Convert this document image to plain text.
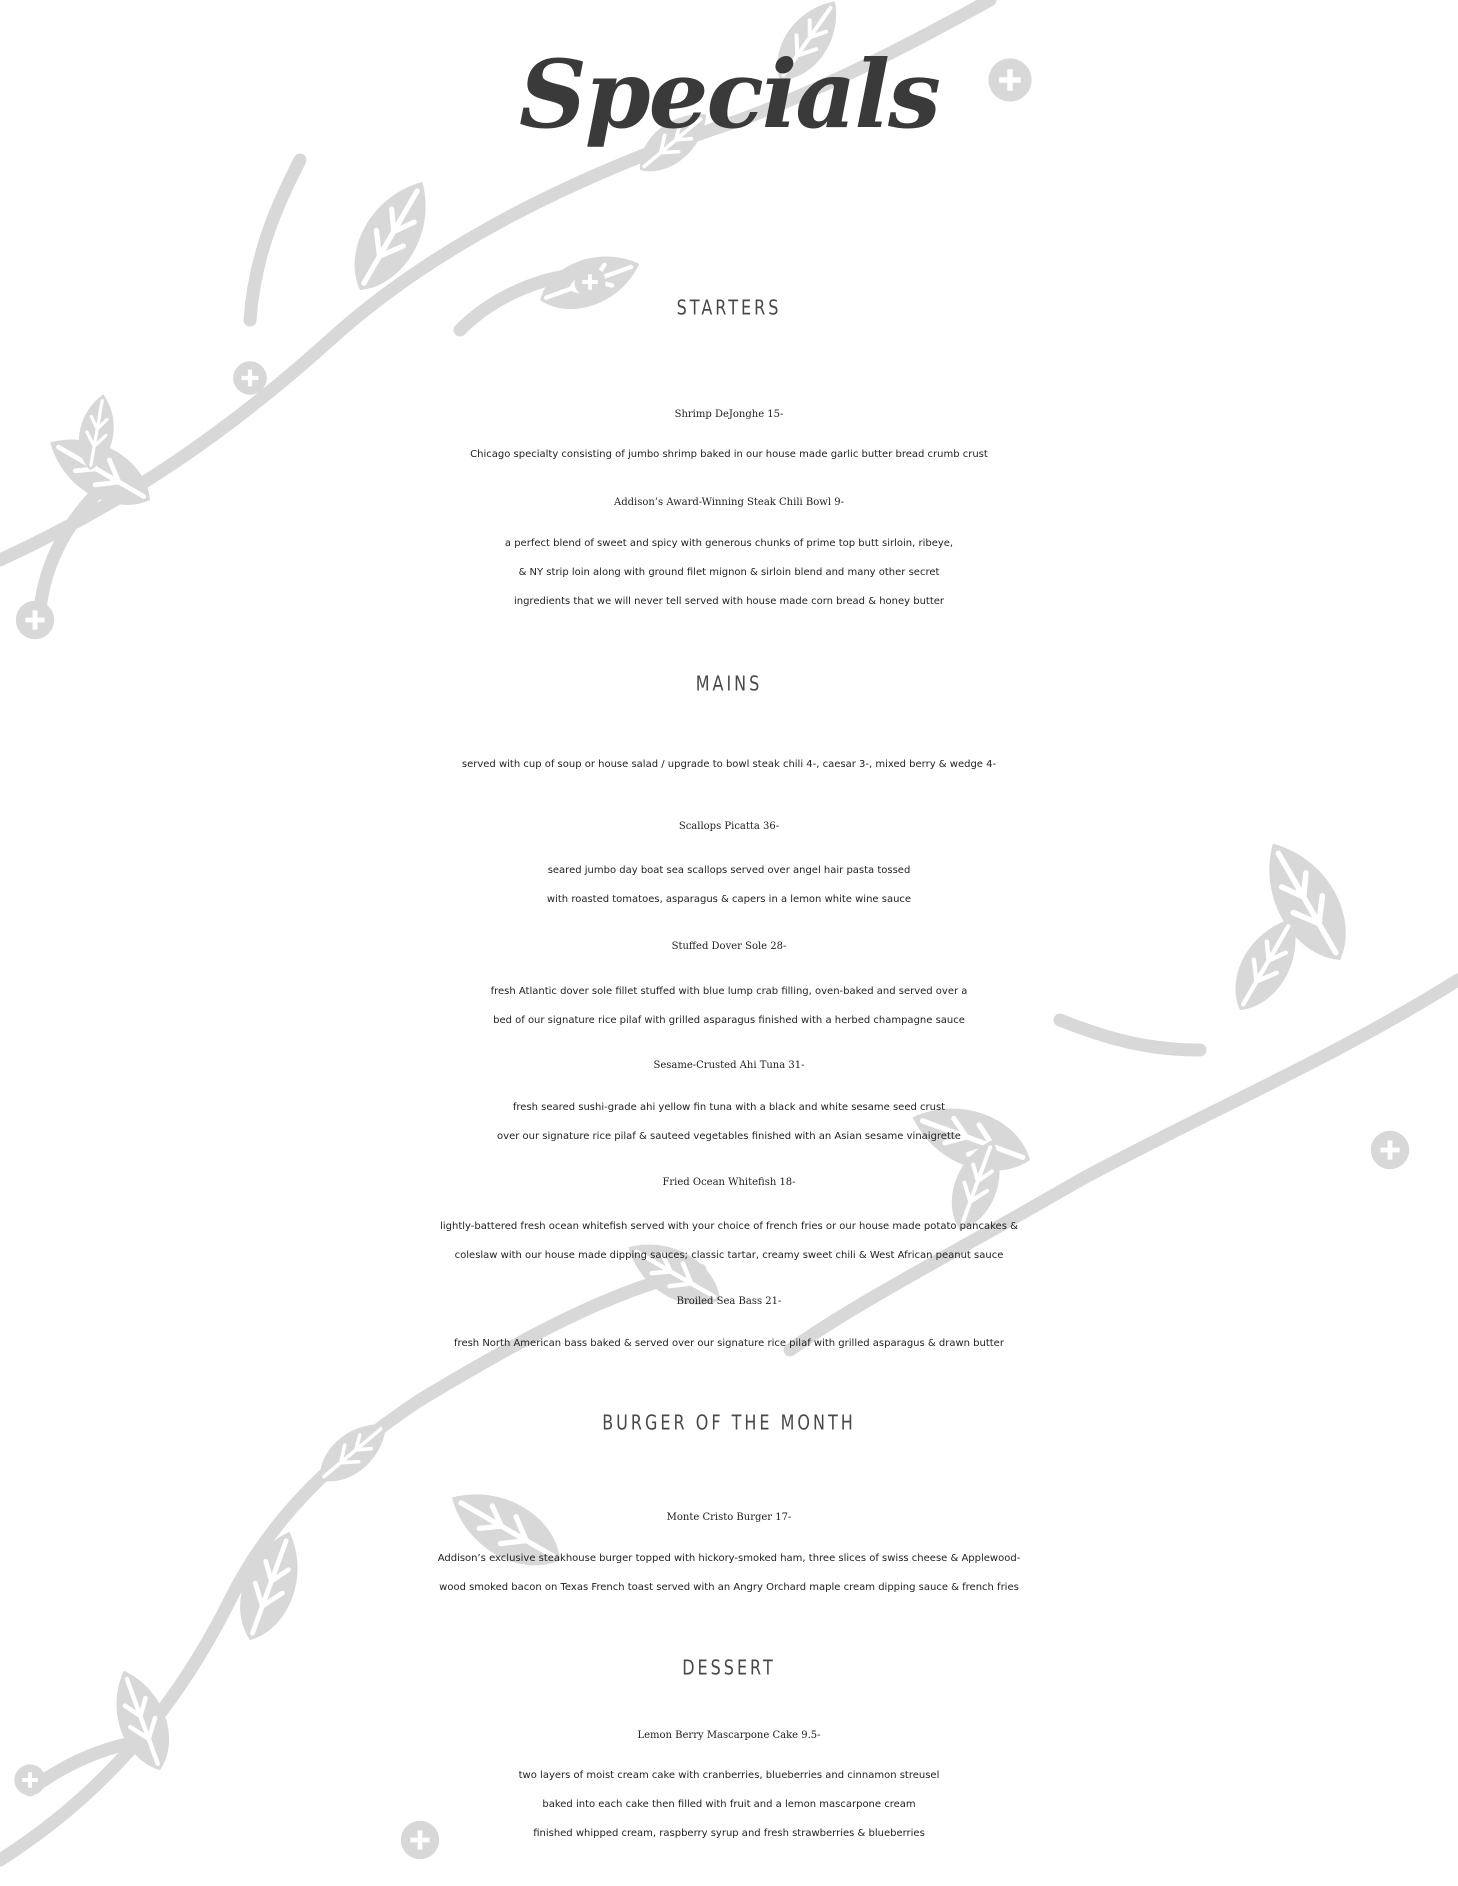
Specials
STARTERS
Shrimp DeJonghe 15-

Chicago specialty consisting of jumbo shrimp baked in our house made garlic butter bread crumb crust

Addison’s Award-Winning Steak Chili Bowl 9-

a perfect blend of sweet and spicy with generous chunks of prime top butt sirloin, ribeye,

& NY strip loin along with ground filet mignon & sirloin blend and many other secret

ingredients that we will never tell served with house made corn bread & honey butter

MAINS

served with cup of soup or house salad / upgrade to bowl steak chili 4-, caesar 3-, mixed berry & wedge 4-

Scallops Picatta 36-

seared jumbo day boat sea scallops served over angel hair pasta tossed

with roasted tomatoes, asparagus & capers in a lemon white wine sauce

Stuffed Dover Sole 28-

fresh Atlantic dover sole fillet stuffed with blue lump crab filling, oven-baked and served over a

bed of our signature rice pilaf with grilled asparagus finished with a herbed champagne sauce

Sesame-Crusted Ahi Tuna 31-

fresh seared sushi-grade ahi yellow fin tuna with a black and white sesame seed crust

over our signature rice pilaf & sauteed vegetables finished with an Asian sesame vinaigrette

Fried Ocean Whitefish 18-

lightly-battered fresh ocean whitefish served with your choice of french fries or our house made potato pancakes &

coleslaw with our house made dipping sauces; classic tartar, creamy sweet chili & West African peanut sauce

Broiled Sea Bass 21-

fresh North American bass baked & served over our signature rice pilaf with grilled asparagus & drawn butter

BURGER OF THE MONTH
Monte Cristo Burger 17-

Addison’s exclusive steakhouse burger topped with hickory-smoked ham, three slices of swiss cheese & Applewood-

wood smoked bacon on Texas French toast served with an Angry Orchard maple cream dipping sauce & french fries

DESSERT
Lemon Berry Mascarpone Cake 9.5-

two layers of moist cream cake with cranberries, blueberries and cinnamon streusel

baked into each cake then filled with fruit and a lemon mascarpone cream

finished whipped cream, raspberry syrup and fresh strawberries & blueberries
